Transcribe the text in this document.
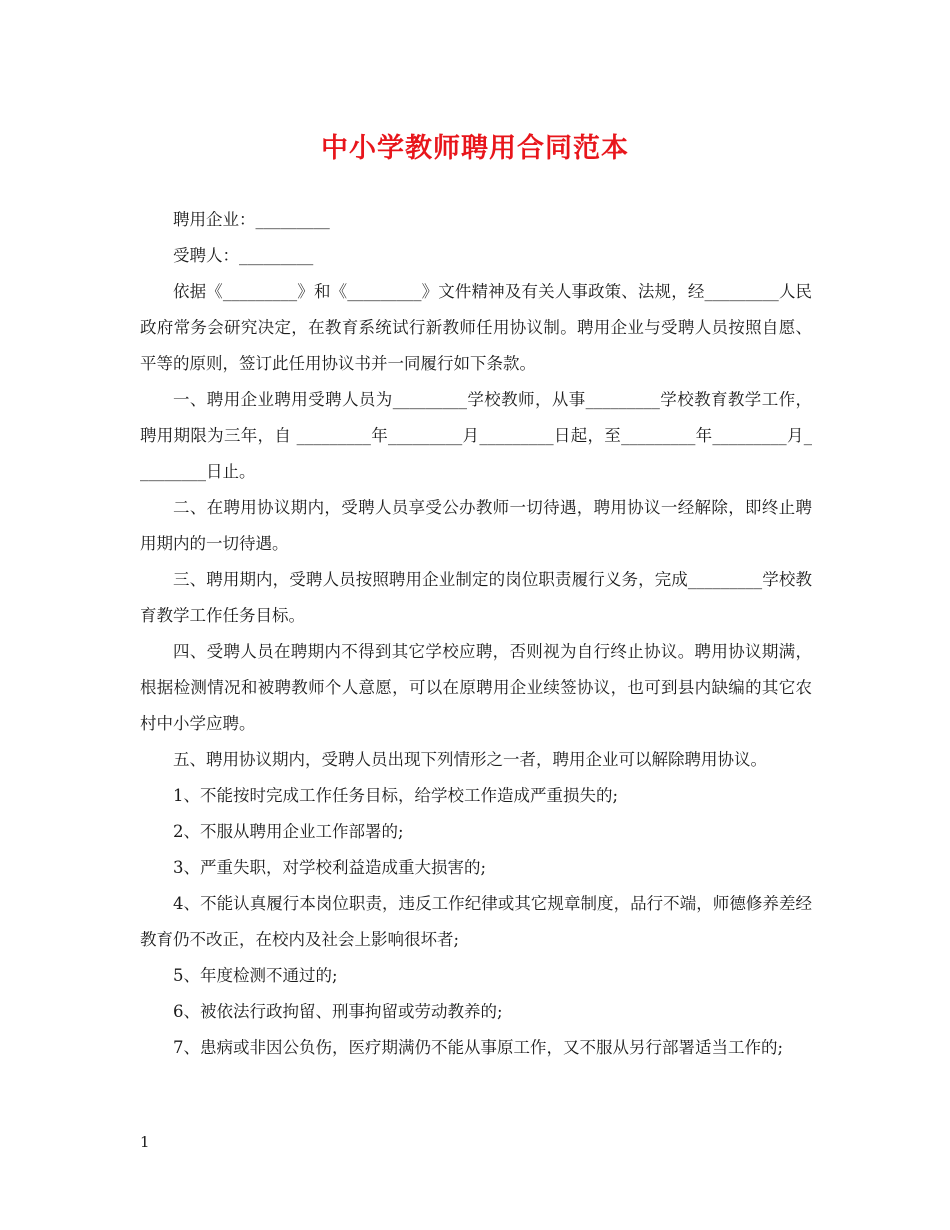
中小学教师聘用合同范本

聘用企业：_________

受聘人：_________

依据《_________》和《_________》文件精神及有关人事政策、法规，经_________人民政府常务会研究决定，在教育系统试行新教师任用协议制。聘用企业与受聘人员按照自愿、平等的原则，签订此任用协议书并一同履行如下条款。

一、聘用企业聘用受聘人员为_________学校教师，从事_________学校教育教学工作，聘用期限为三年，自 _________年_________月_________日起，至_________年_________月_________日止。

二、在聘用协议期内，受聘人员享受公办教师一切待遇，聘用协议一经解除，即终止聘用期内的一切待遇。

三、聘用期内，受聘人员按照聘用企业制定的岗位职责履行义务，完成_________学校教育教学工作任务目标。

四、受聘人员在聘期内不得到其它学校应聘，否则视为自行终止协议。聘用协议期满，根据检测情况和被聘教师个人意愿，可以在原聘用企业续签协议，也可到县内缺编的其它农村中小学应聘。

五、聘用协议期内，受聘人员出现下列情形之一者，聘用企业可以解除聘用协议。

1、不能按时完成工作任务目标，给学校工作造成严重损失的;

2、不服从聘用企业工作部署的;

3、严重失职，对学校利益造成重大损害的;

4、不能认真履行本岗位职责，违反工作纪律或其它规章制度，品行不端，师德修养差经教育仍不改正，在校内及社会上影响很坏者;

5、年度检测不通过的;

6、被依法行政拘留、刑事拘留或劳动教养的;

7、患病或非因公负伤，医疗期满仍不能从事原工作，又不服从另行部署适当工作的;

1
